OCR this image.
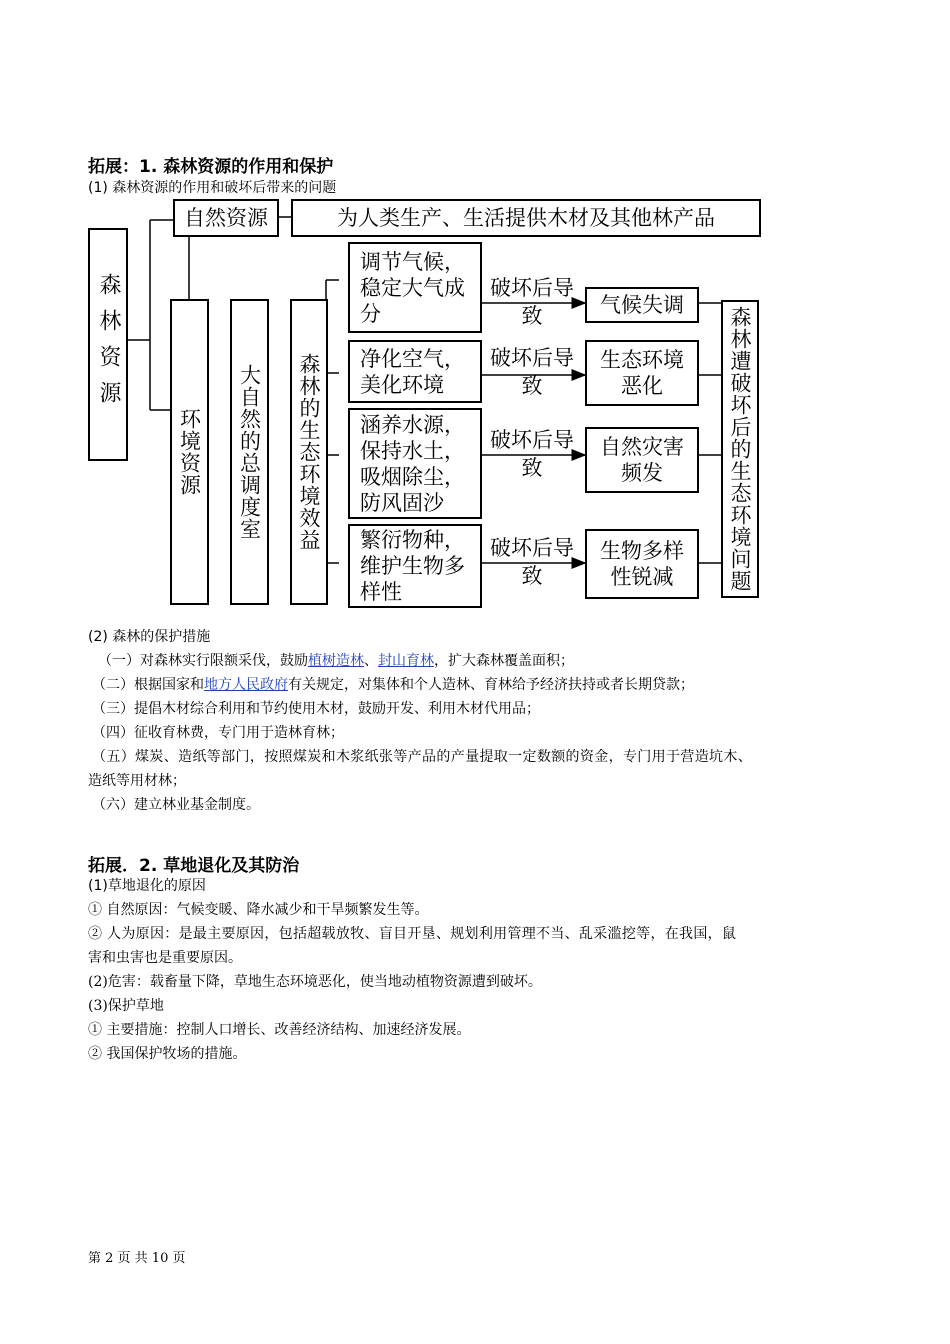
拓展：1. 森林资源的作用和保护
(1) 森林资源的作用和破坏后带来的问题
森林资源
自然资源	为人类生产、生活提供木材及其他林产品
环境资源	大自然的总调度室	森林的生态环境效益
调节气候，稳定大气成分
净化空气，美化环境
涵养水源，保持水土，吸烟除尘，防风固沙
繁衍物种，维护生物多样性
破坏后导致
破坏后导致
破坏后导致
破坏后导致
气候失调
生态环境恶化
自然灾害频发
生物多样性锐减	森林遭破坏后的生态环境问题
(2) 森林的保护措施
（一）对森林实行限额采伐，鼓励植树造林、封山育林，扩大森林覆盖面积；
（二）根据国家和地方人民政府有关规定，对集体和个人造林、育林给予经济扶持或者长期贷款；
（三）提倡木材综合利用和节约使用木材，鼓励开发、利用木材代用品；
（四）征收育林费，专门用于造林育林；
（五）煤炭、造纸等部门，按照煤炭和木浆纸张等产品的产量提取一定数额的资金，专门用于营造坑木、
造纸等用材林；
（六）建立林业基金制度。
拓展．2. 草地退化及其防治
(1)草地退化的原因
① 自然原因：气候变暖、降水减少和干旱频繁发生等。
② 人为原因：是最主要原因，包括超载放牧、盲目开垦、规划利用管理不当、乱采滥挖等，在我国，鼠
害和虫害也是重要原因。
(2)危害：载畜量下降，草地生态环境恶化，使当地动植物资源遭到破坏。
(3)保护草地
① 主要措施：控制人口增长、改善经济结构、加速经济发展。
② 我国保护牧场的措施。
第 2 页 共 10 页
